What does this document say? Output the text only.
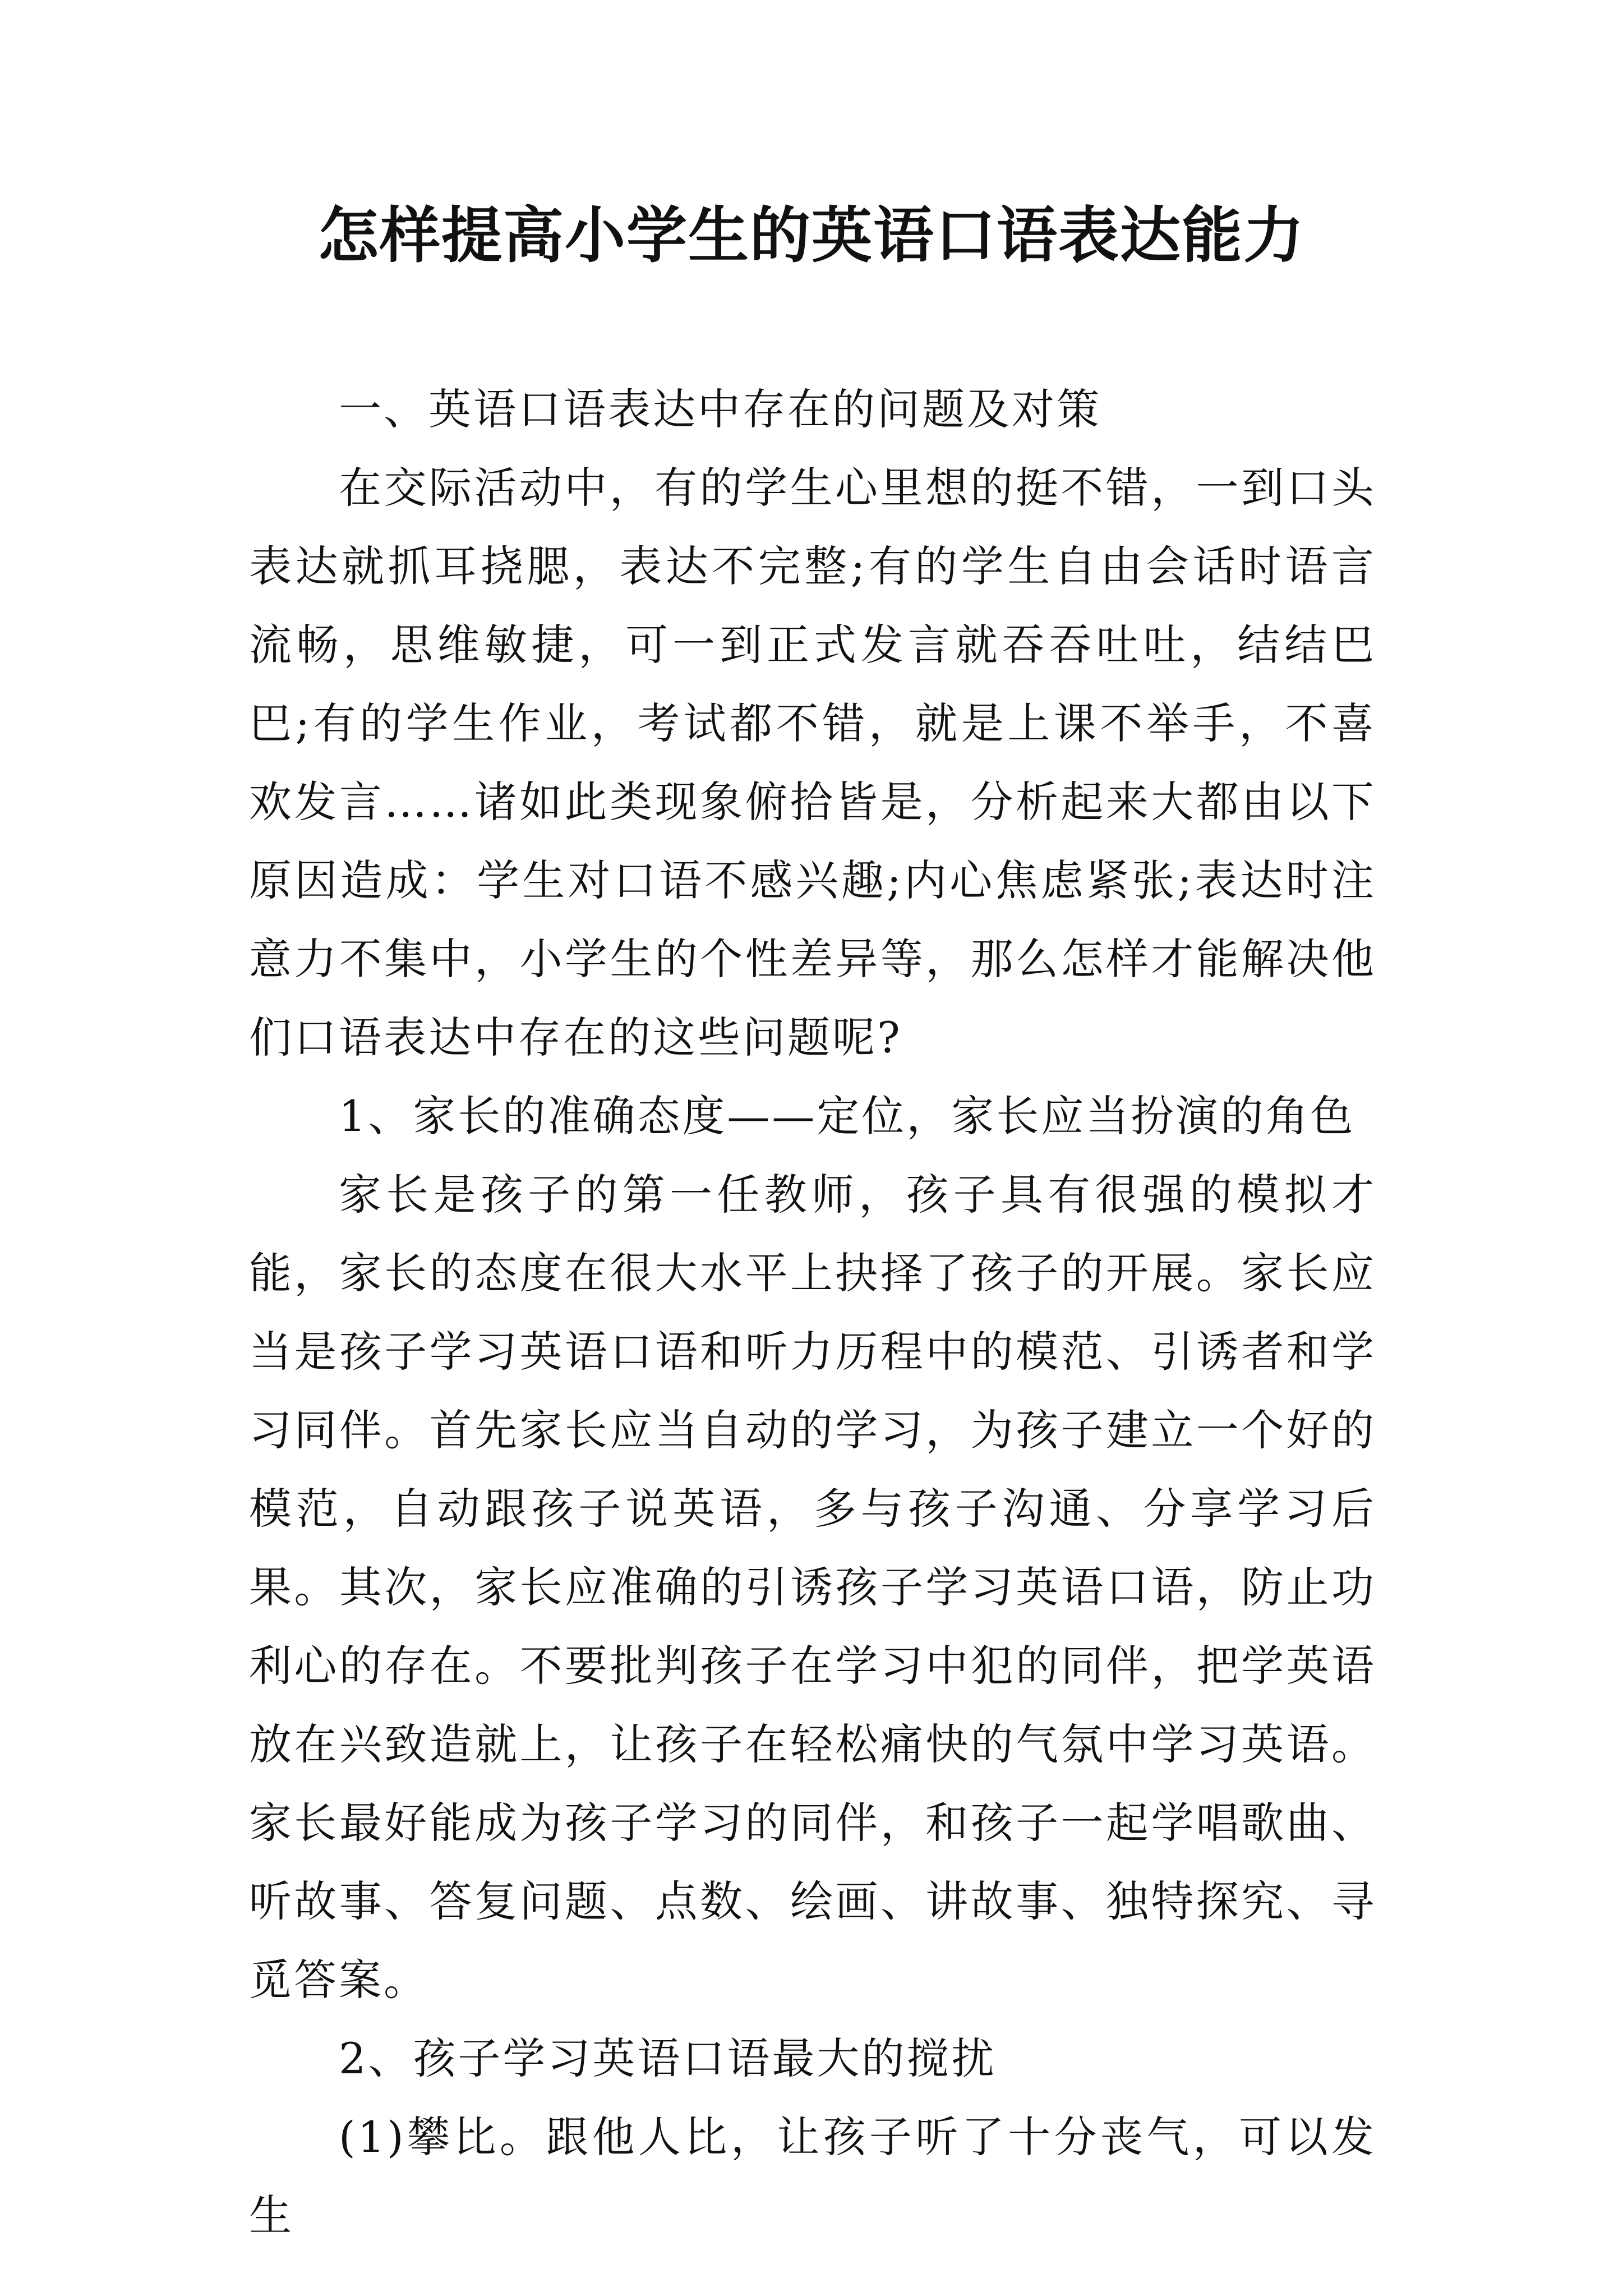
怎样提高小学生的英语口语表达能力

一、英语口语表达中存在的问题及对策

在交际活动中，有的学生心里想的挺不错，一到口头表达就抓耳挠腮，表达不完整;有的学生自由会话时语言流畅，思维敏捷，可一到正式发言就吞吞吐吐，结结巴巴;有的学生作业，考试都不错，就是上课不举手，不喜欢发言……诸如此类现象俯拾皆是，分析起来大都由以下原因造成：学生对口语不感兴趣;内心焦虑紧张;表达时注意力不集中，小学生的个性差异等，那么怎样才能解决他们口语表达中存在的这些问题呢?

1、家长的准确态度——定位，家长应当扮演的角色

家长是孩子的第一任教师，孩子具有很强的模拟才能，家长的态度在很大水平上抉择了孩子的开展。家长应当是孩子学习英语口语和听力历程中的模范、引诱者和学习同伴。首先家长应当自动的学习，为孩子建立一个好的模范，自动跟孩子说英语，多与孩子沟通、分享学习后果。其次，家长应准确的引诱孩子学习英语口语，防止功利心的存在。不要批判孩子在学习中犯的同伴，把学英语放在兴致造就上，让孩子在轻松痛快的气氛中学习英语。 家长最好能成为孩子学习的同伴，和孩子一起学唱歌曲、听故事、答复问题、点数、绘画、讲故事、独特探究、寻觅答案。

2、孩子学习英语口语最大的搅扰

(1)攀比。跟他人比，让孩子听了十分丧气，可以发生
